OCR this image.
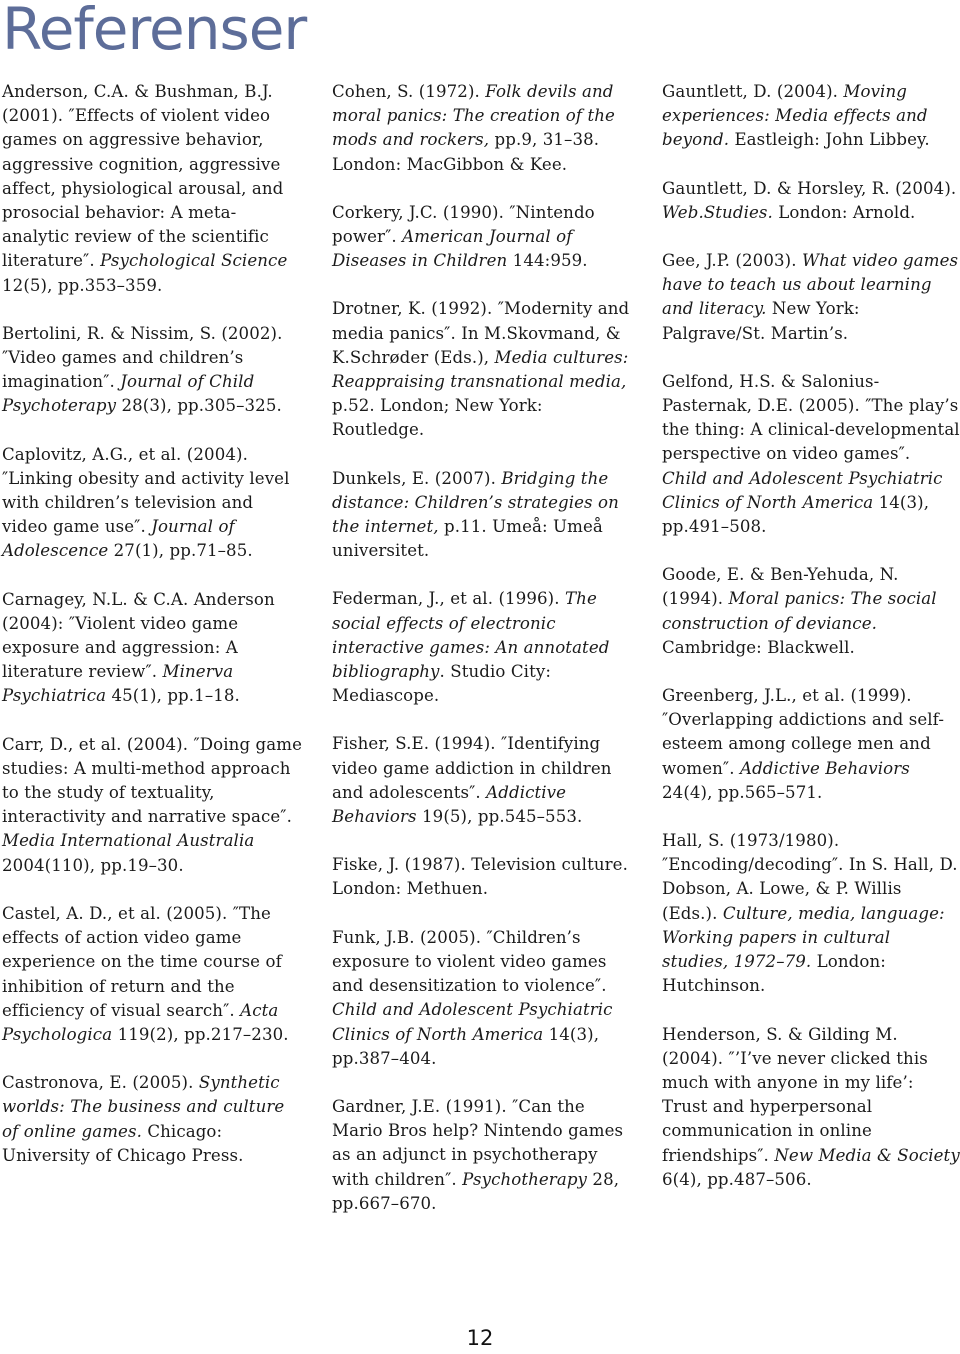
Referenser

Anderson, C.A. & Bushman, B.J. (2001). ″Effects of violent video games on aggressive behavior, aggressive cognition, aggressive affect, physiological arousal, and prosocial behavior: A meta-analytic review of the scientific literature″. Psychological Science 12(5), pp.353–359.

Bertolini, R. & Nissim, S. (2002). ″Video games and children’s imagination″. Journal of Child Psychoterapy 28(3), pp.305–325.

Caplovitz, A.G., et al. (2004). ″Linking obesity and activity level with children’s television and video game use″. Journal of Adolescence 27(1), pp.71–85.

Carnagey, N.L. & C.A. Anderson (2004): ″Violent video game exposure and aggression: A literature review″. Minerva Psychiatrica 45(1), pp.1–18.

Carr, D., et al. (2004). ″Doing game studies: A multi-method approach to the study of textuality, interactivity and narrative space″. Media International Australia 2004(110), pp.19–30.

Castel, A. D., et al. (2005). ″The effects of action video game experience on the time course of inhibition of return and the efficiency of visual search″. Acta Psychologica 119(2), pp.217–230.

Castronova, E. (2005). Synthetic worlds: The business and culture of online games. Chicago: University of Chicago Press.

Cohen, S. (1972). Folk devils and moral panics: The creation of the mods and rockers, pp.9, 31–38. London: MacGibbon & Kee.

Corkery, J.C. (1990). ″Nintendo power″. American Journal of Diseases in Children 144:959.

Drotner, K. (1992). ″Modernity and media panics″. In M.Skovmand, & K.Schrøder (Eds.), Media cultures: Reappraising transnational media, p.52. London; New York: Routledge.

Dunkels, E. (2007). Bridging the distance: Children’s strategies on the internet, p.11. Umeå: Umeå universitet.

Federman, J., et al. (1996). The social effects of electronic interactive games: An annotated bibliography. Studio City: Mediascope.

Fisher, S.E. (1994). ″Identifying video game addiction in children and adolescents″. Addictive Behaviors 19(5), pp.545–553.

Fiske, J. (1987). Television culture. London: Methuen.

Funk, J.B. (2005). ″Children’s exposure to violent video games and desensitization to violence″. Child and Adolescent Psychiatric Clinics of North America 14(3), pp.387–404.

Gardner, J.E. (1991). ″Can the Mario Bros help? Nintendo games as an adjunct in psychotherapy with children″. Psychotherapy 28, pp.667–670.

Gauntlett, D. (2004). Moving experiences: Media effects and beyond. Eastleigh: John Libbey.

Gauntlett, D. & Horsley, R. (2004). Web.Studies. London: Arnold.

Gee, J.P. (2003). What video games have to teach us about learning and literacy. New York: Palgrave/St. Martin’s.

Gelfond, H.S. & Salonius-Pasternak, D.E. (2005). ″The play’s the thing: A clinical-developmental perspective on video games″. Child and Adolescent Psychiatric Clinics of North America 14(3), pp.491–508.

Goode, E. & Ben-Yehuda, N. (1994). Moral panics: The social construction of deviance. Cambridge: Blackwell.

Greenberg, J.L., et al. (1999). ″Overlapping addictions and self-esteem among college men and women″. Addictive Behaviors 24(4), pp.565–571.

Hall, S. (1973/1980). ″Encoding/decoding″. In S. Hall, D. Dobson, A. Lowe, & P. Willis (Eds.). Culture, media, language: Working papers in cultural studies, 1972–79. London: Hutchinson.

Henderson, S. & Gilding M. (2004). ″’I’ve never clicked this much with anyone in my life’: Trust and hyperpersonal communication in online friendships″. New Media & Society 6(4), pp.487–506.

12
